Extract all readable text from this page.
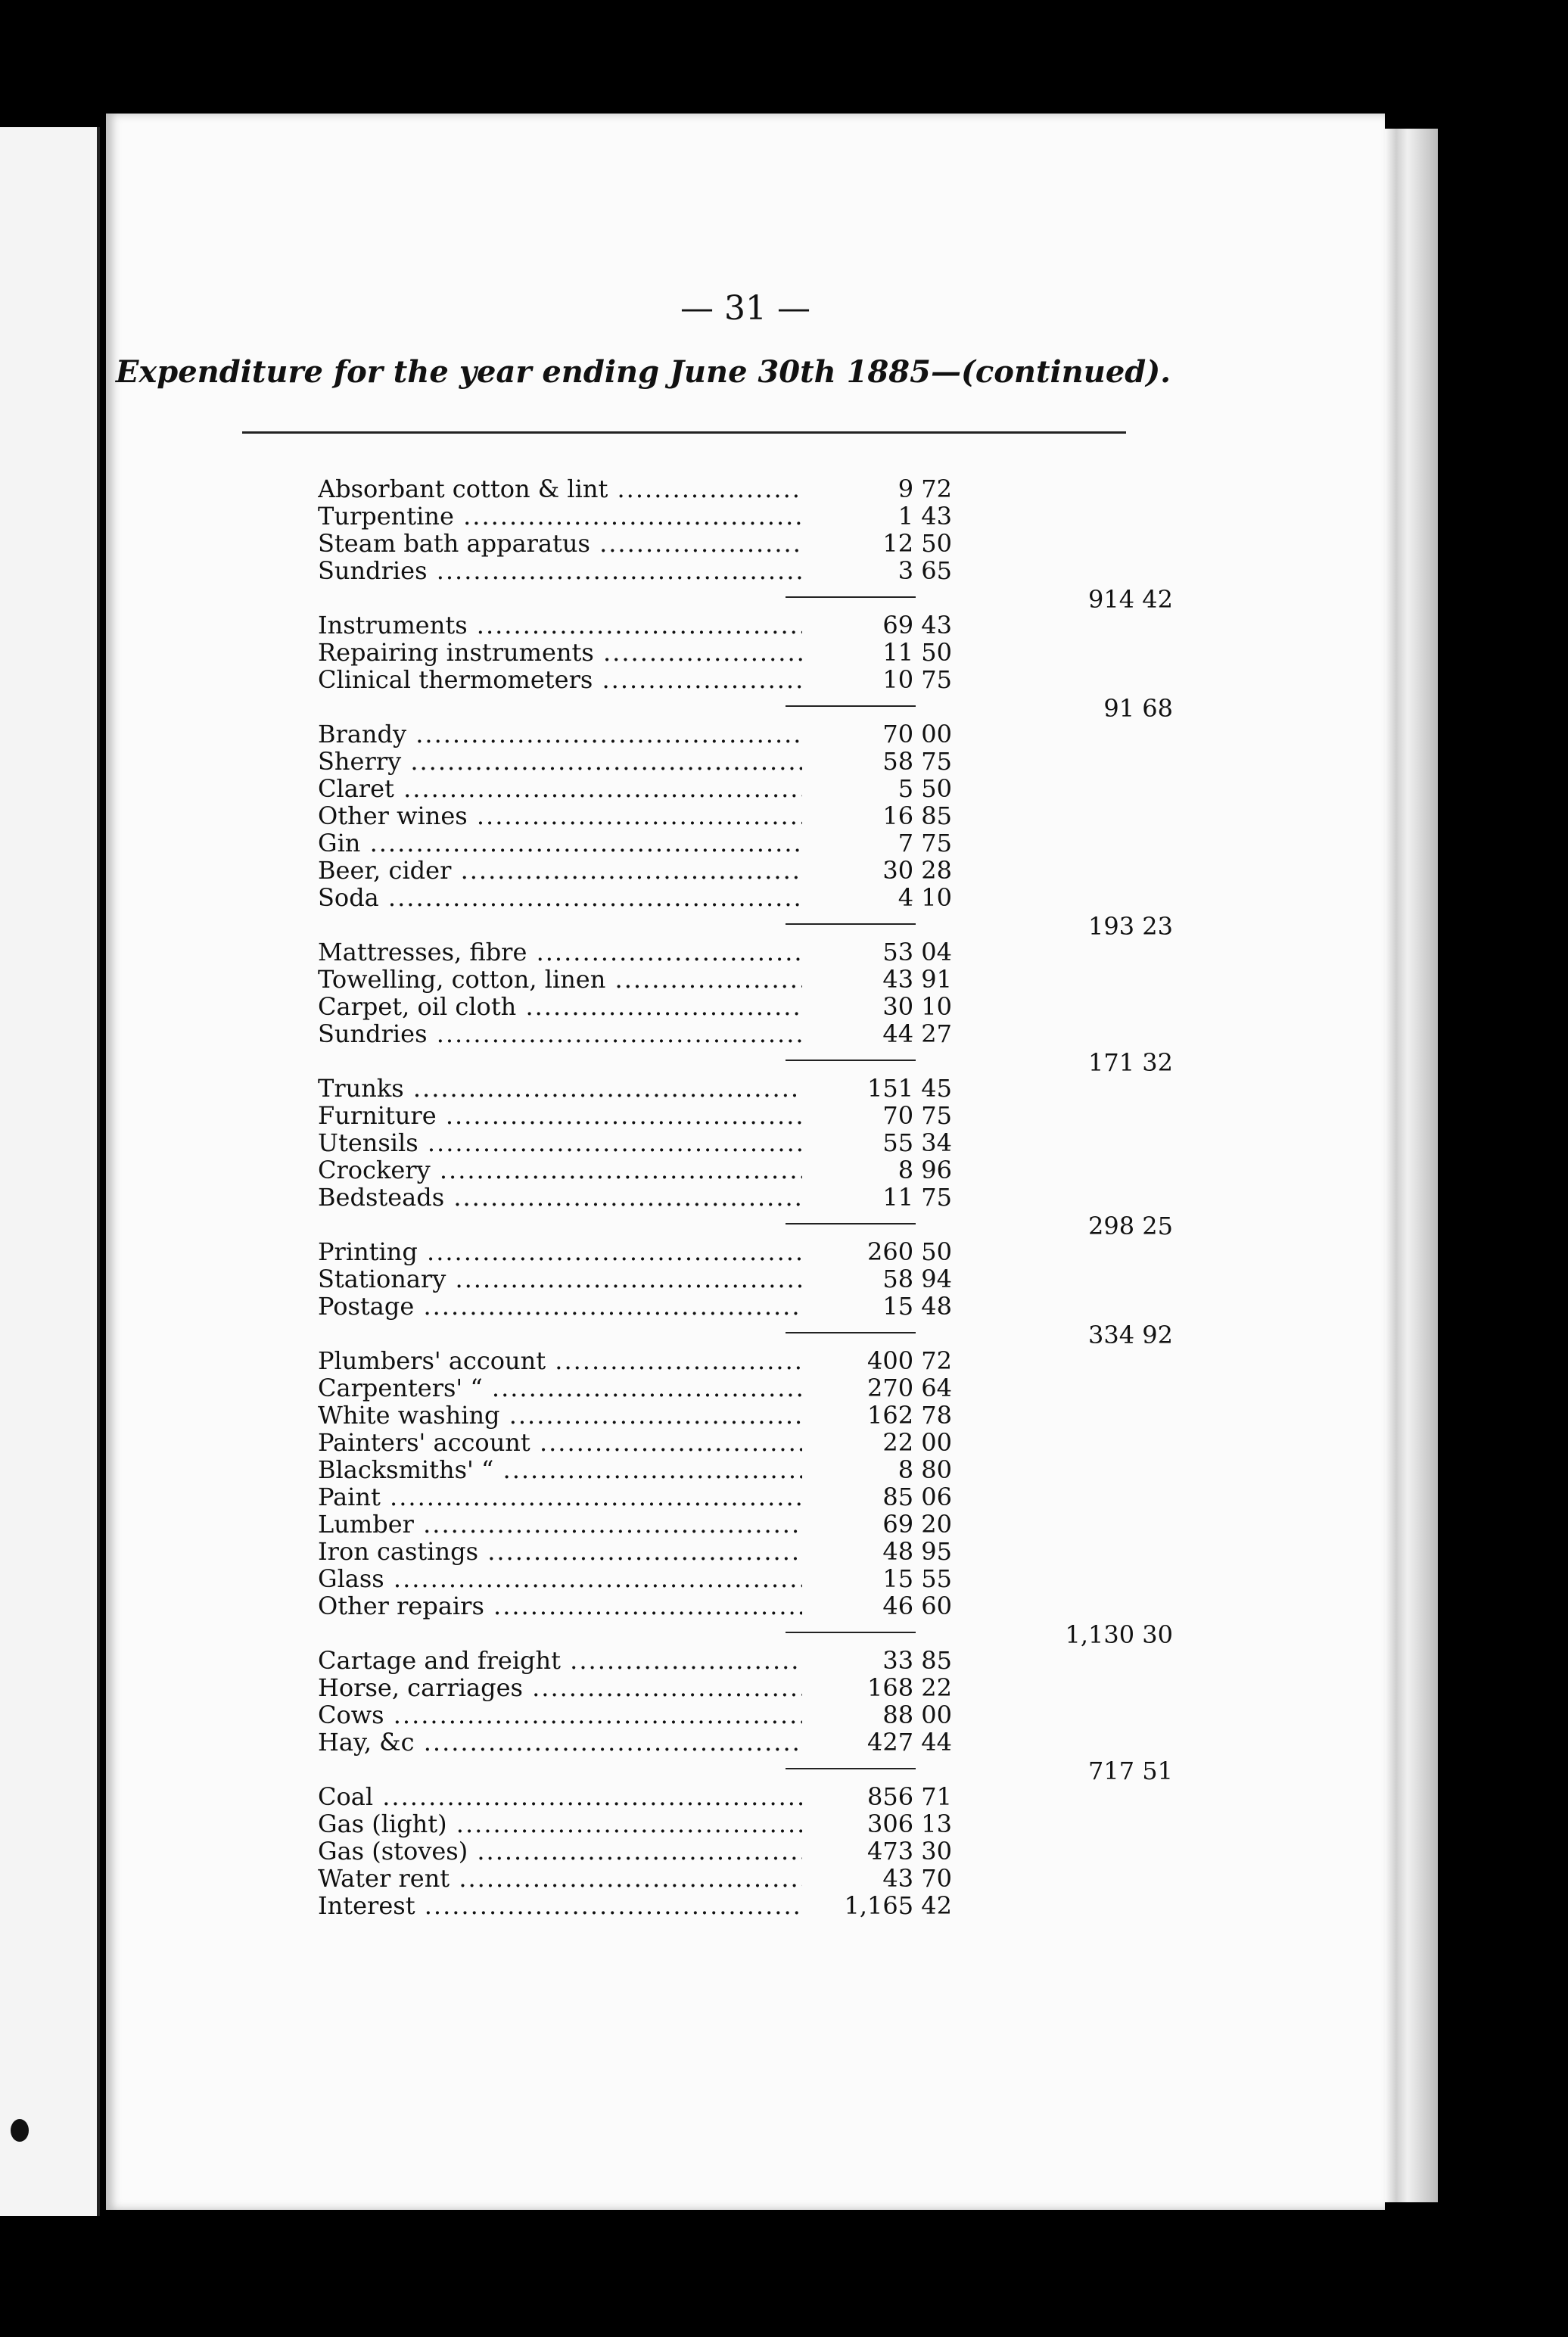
— 31 —
Expenditure for the year ending June 30th 1885—(continued).
Absorbant cotton & lint .....	9 72
Turpentine .....	1 43
Steam bath apparatus .....	12 50
Sundries .....	3 65
914 42
Instruments .....	69 43
Repairing instruments .....	11 50
Clinical thermometers .....	10 75
91 68
Brandy .....	70 00
Sherry .....	58 75
Claret .....	5 50
Other wines .....	16 85
Gin .....	7 75
Beer, cider .....	30 28
Soda .....	4 10
193 23
Mattresses, fibre .....	53 04
Towelling, cotton, linen .....	43 91
Carpet, oil cloth .....	30 10
Sundries .....	44 27
171 32
Trunks .....	151 45
Furniture .....	70 75
Utensils .....	55 34
Crockery .....	8 96
Bedsteads .....	11 75
298 25
Printing .....	260 50
Stationary .....	58 94
Postage .....	15 48
334 92
Plumbers' account .....	400 72
Carpenters' “ .....	270 64
White washing .....	162 78
Painters' account .....	22 00
Blacksmiths' “ .....	8 80
Paint .....	85 06
Lumber .....	69 20
Iron castings .....	48 95
Glass .....	15 55
Other repairs .....	46 60
1,130 30
Cartage and freight .....	33 85
Horse, carriages .....	168 22
Cows .....	88 00
Hay, &c .....	427 44
717 51
Coal .....	856 71
Gas (light) .....	306 13
Gas (stoves) .....	473 30
Water rent .....	43 70
Interest .....	1,165 42
